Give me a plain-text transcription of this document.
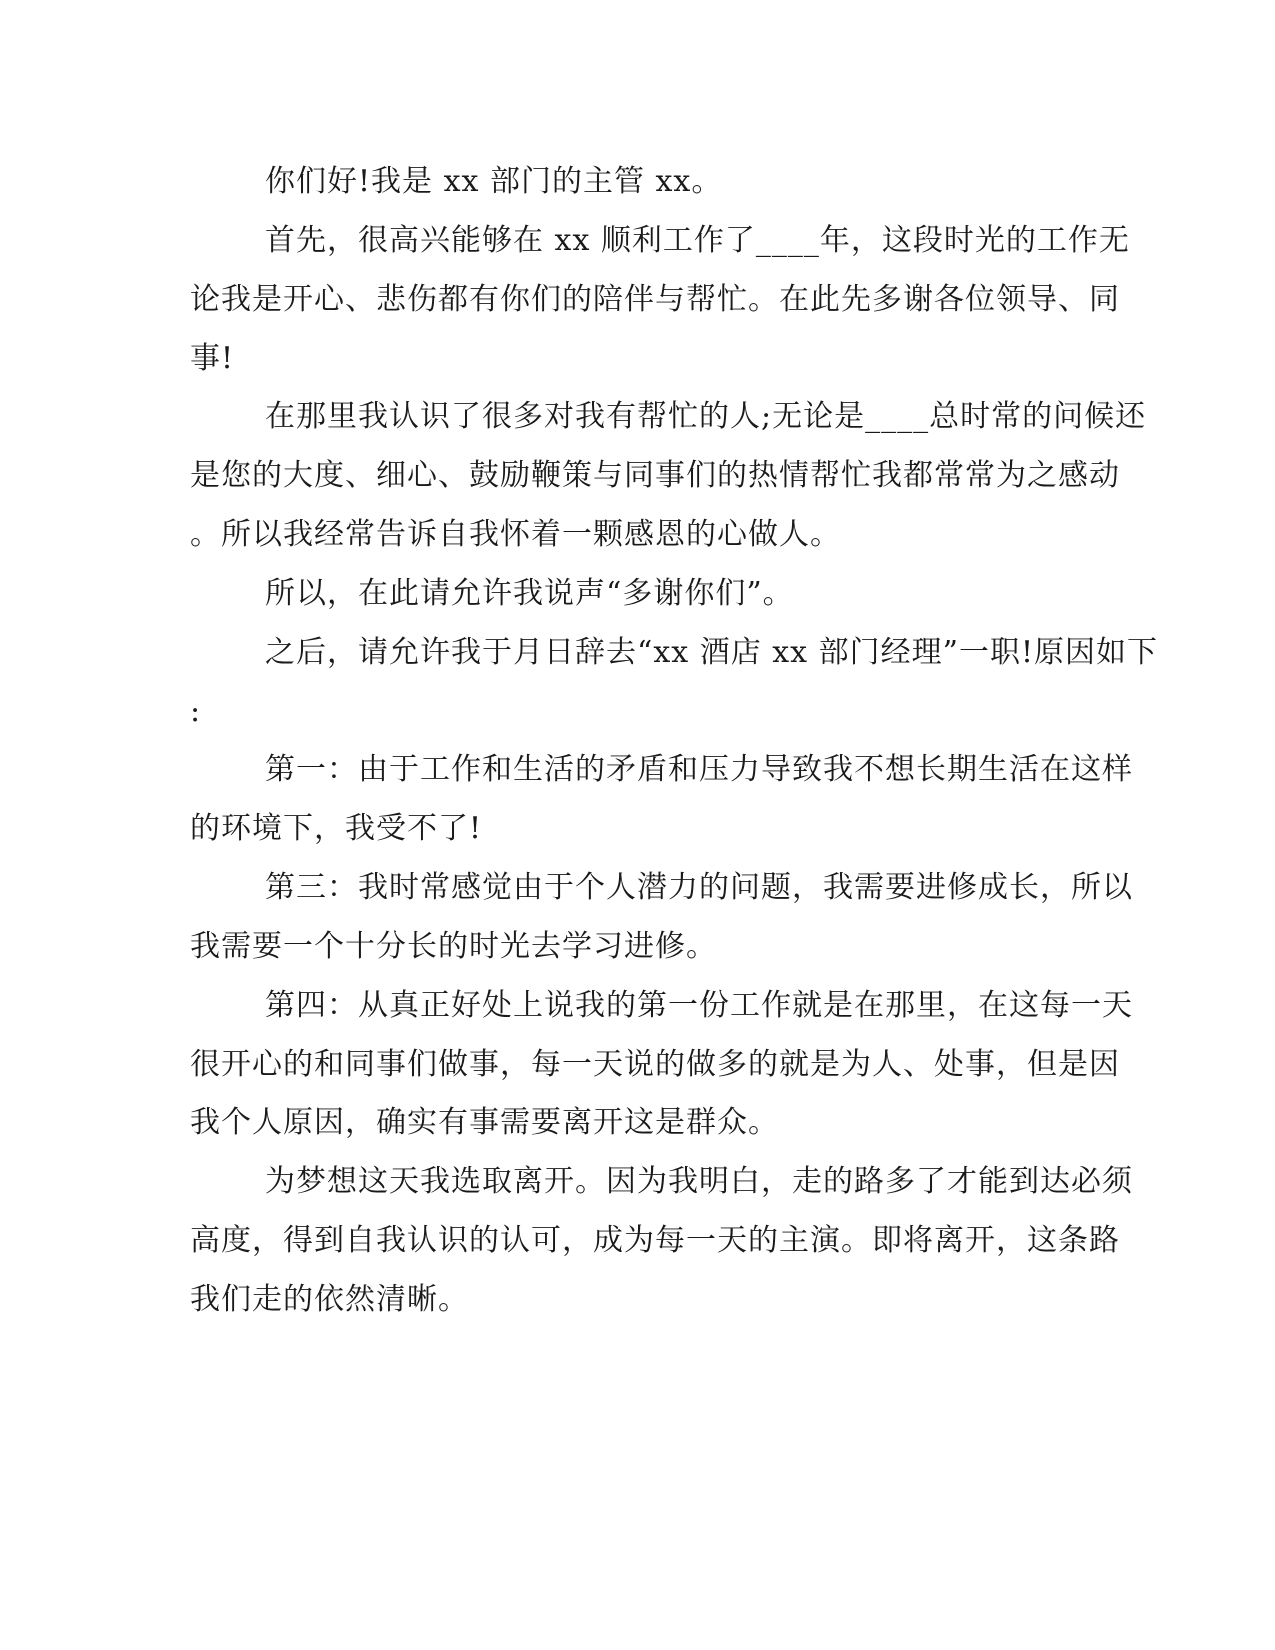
你们好!我是 xx 部门的主管 xx。
首先，很高兴能够在 xx 顺利工作了____年，这段时光的工作无
论我是开心、悲伤都有你们的陪伴与帮忙。在此先多谢各位领导、同
事!
在那里我认识了很多对我有帮忙的人;无论是____总时常的问候还
是您的大度、细心、鼓励鞭策与同事们的热情帮忙我都常常为之感动
。所以我经常告诉自我怀着一颗感恩的心做人。
所以，在此请允许我说声“多谢你们”。
之后，请允许我于月日辞去“xx 酒店 xx 部门经理”一职!原因如下
:
第一：由于工作和生活的矛盾和压力导致我不想长期生活在这样
的环境下，我受不了!
第三：我时常感觉由于个人潜力的问题，我需要进修成长，所以
我需要一个十分长的时光去学习进修。
第四：从真正好处上说我的第一份工作就是在那里，在这每一天
很开心的和同事们做事，每一天说的做多的就是为人、处事，但是因
我个人原因，确实有事需要离开这是群众。
为梦想这天我选取离开。因为我明白，走的路多了才能到达必须
高度，得到自我认识的认可，成为每一天的主演。即将离开，这条路
我们走的依然清晰。
